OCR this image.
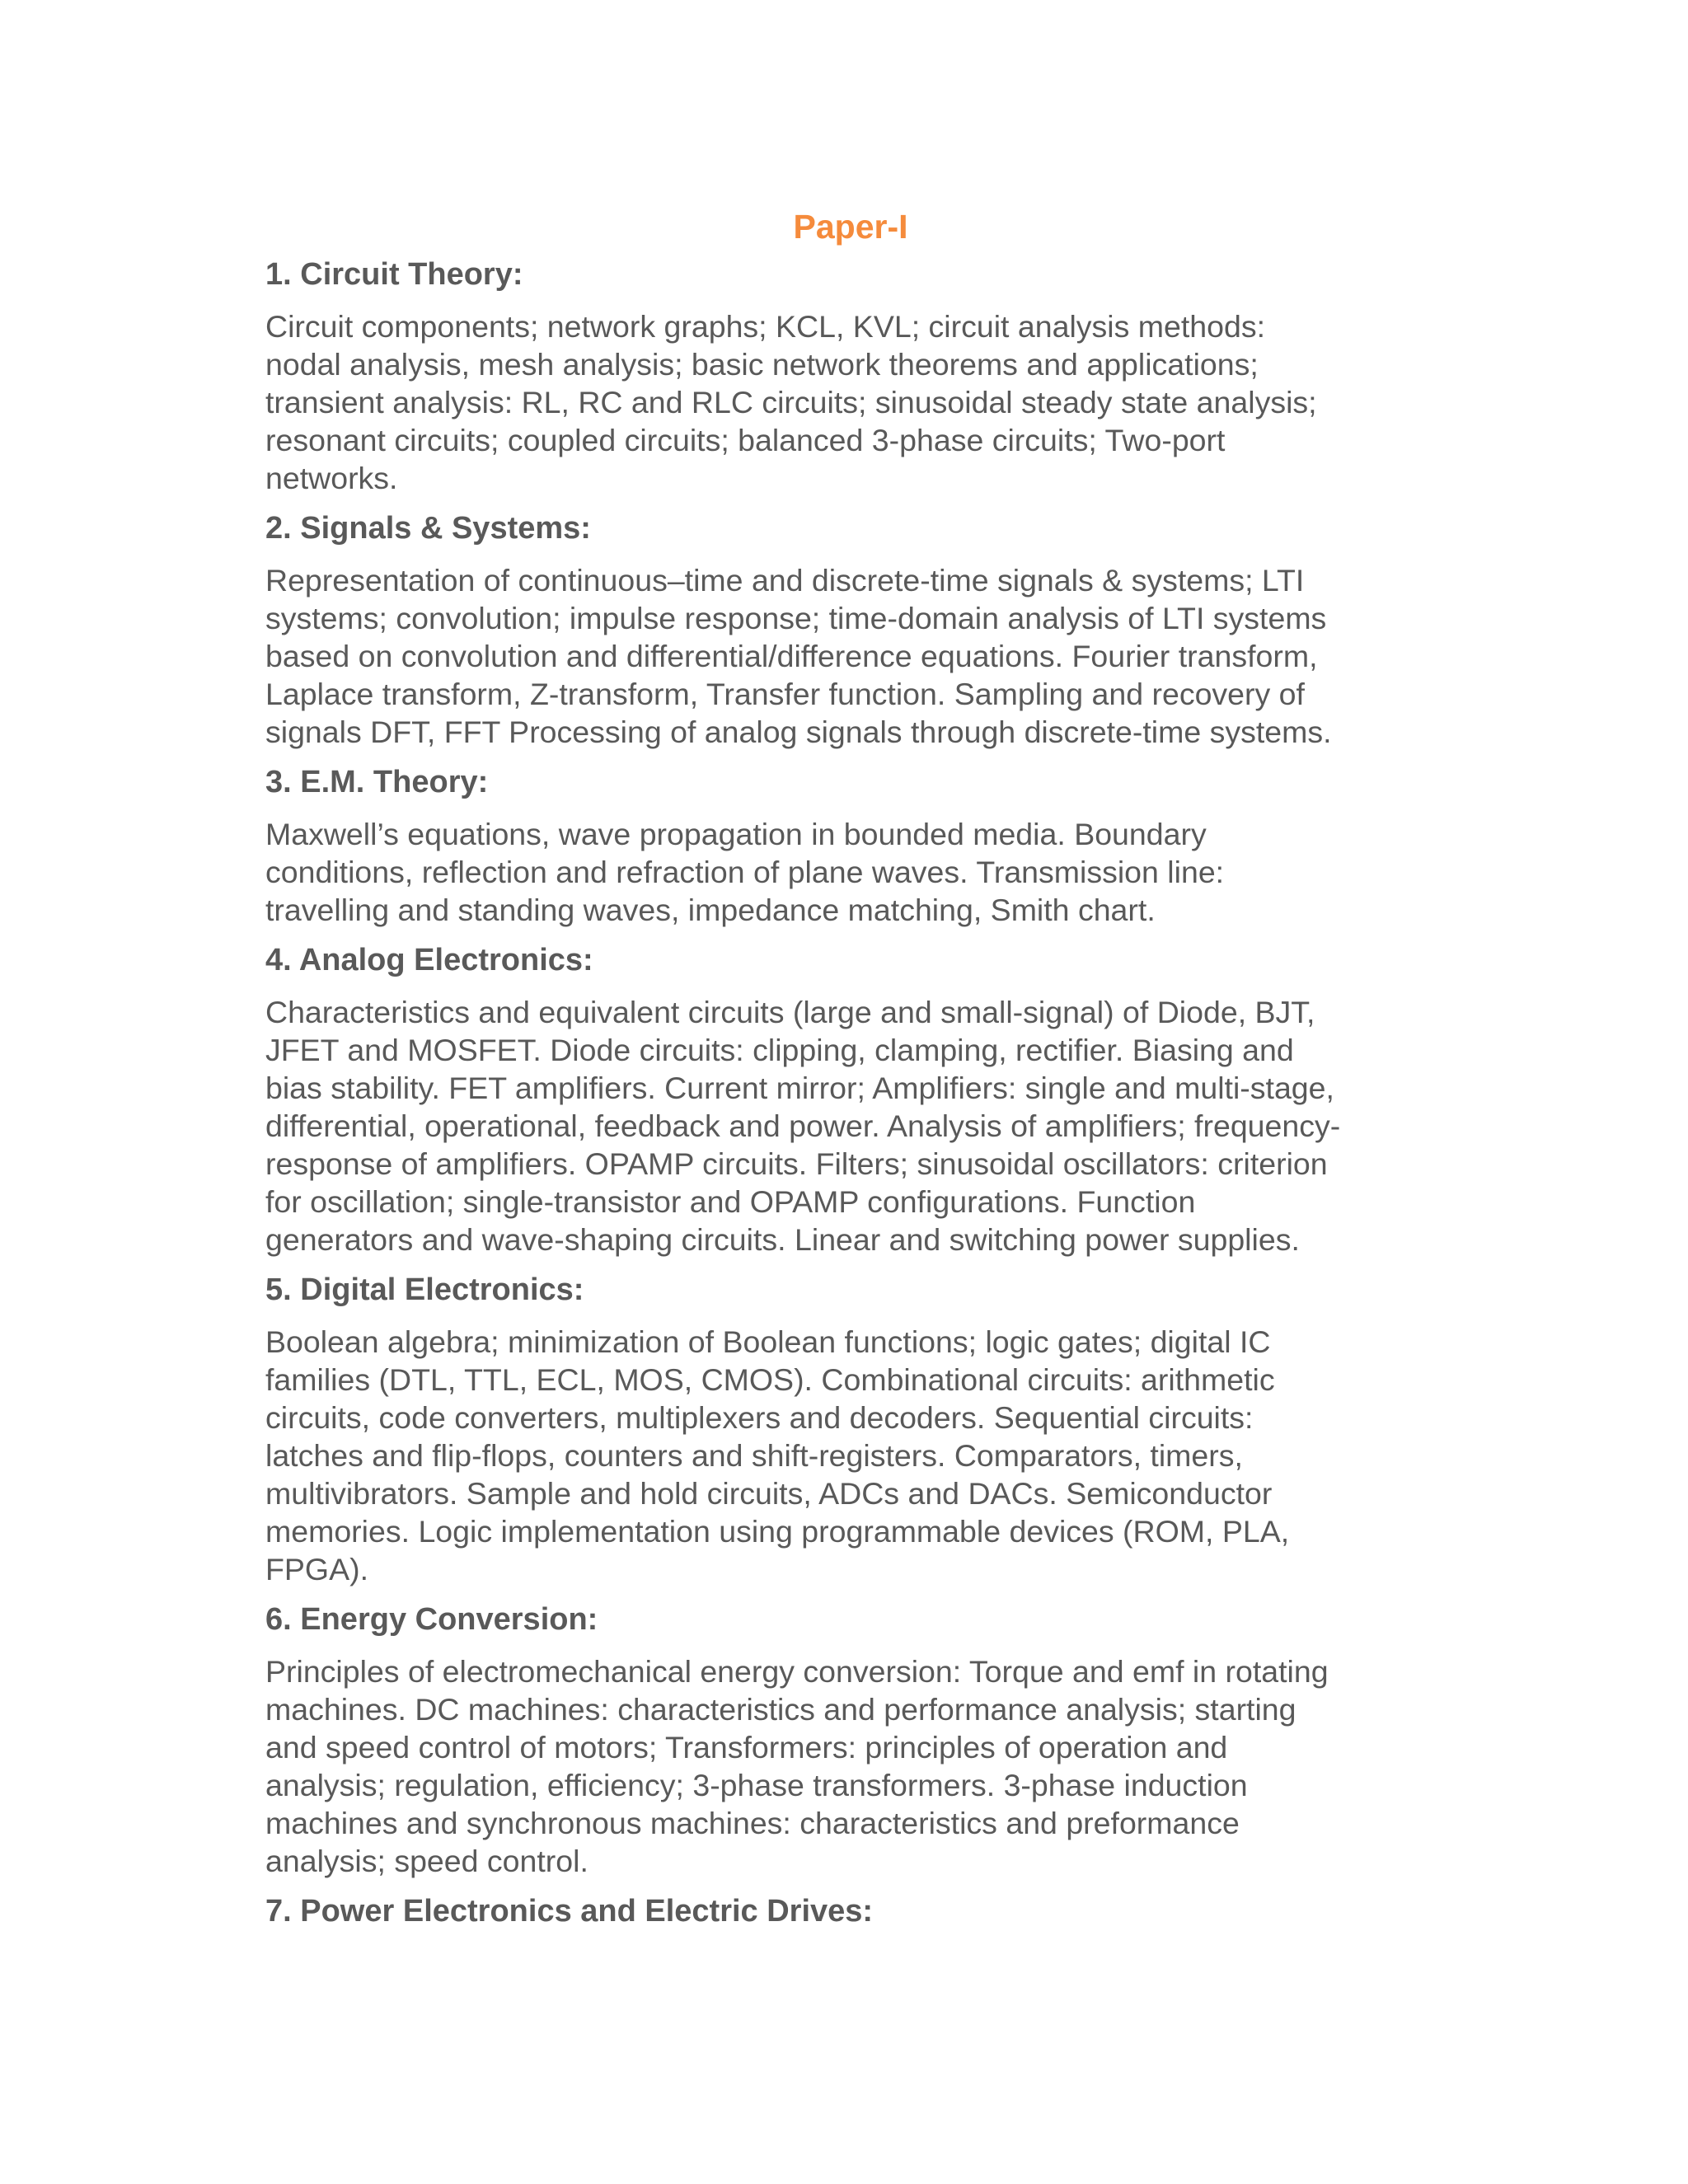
Paper-I
1. Circuit Theory:
Circuit components; network graphs; KCL, KVL; circuit analysis methods:
nodal analysis, mesh analysis; basic network theorems and applications;
transient analysis: RL, RC and RLC circuits; sinusoidal steady state analysis;
resonant circuits; coupled circuits; balanced 3-phase circuits; Two-port
networks.
2. Signals & Systems:
Representation of continuous–time and discrete-time signals & systems; LTI
systems; convolution; impulse response; time-domain analysis of LTI systems
based on convolution and differential/difference equations. Fourier transform,
Laplace transform, Z-transform, Transfer function. Sampling and recovery of
signals DFT, FFT Processing of analog signals through discrete-time systems.
3. E.M. Theory:
Maxwell’s equations, wave propagation in bounded media. Boundary
conditions, reflection and refraction of plane waves. Transmission line:
travelling and standing waves, impedance matching, Smith chart.
4. Analog Electronics:
Characteristics and equivalent circuits (large and small-signal) of Diode, BJT,
JFET and MOSFET. Diode circuits: clipping, clamping, rectifier. Biasing and
bias stability. FET amplifiers. Current mirror; Amplifiers: single and multi-stage,
differential, operational, feedback and power. Analysis of amplifiers; frequency-
response of amplifiers. OPAMP circuits. Filters; sinusoidal oscillators: criterion
for oscillation; single-transistor and OPAMP configurations. Function
generators and wave-shaping circuits. Linear and switching power supplies.
5. Digital Electronics:
Boolean algebra; minimization of Boolean functions; logic gates; digital IC
families (DTL, TTL, ECL, MOS, CMOS). Combinational circuits: arithmetic
circuits, code converters, multiplexers and decoders. Sequential circuits:
latches and flip-flops, counters and shift-registers. Comparators, timers,
multivibrators. Sample and hold circuits, ADCs and DACs. Semiconductor
memories. Logic implementation using programmable devices (ROM, PLA,
FPGA).
6. Energy Conversion:
Principles of electromechanical energy conversion: Torque and emf in rotating
machines. DC machines: characteristics and performance analysis; starting
and speed control of motors; Transformers: principles of operation and
analysis; regulation, efficiency; 3-phase transformers. 3-phase induction
machines and synchronous machines: characteristics and preformance
analysis; speed control.
7. Power Electronics and Electric Drives:
